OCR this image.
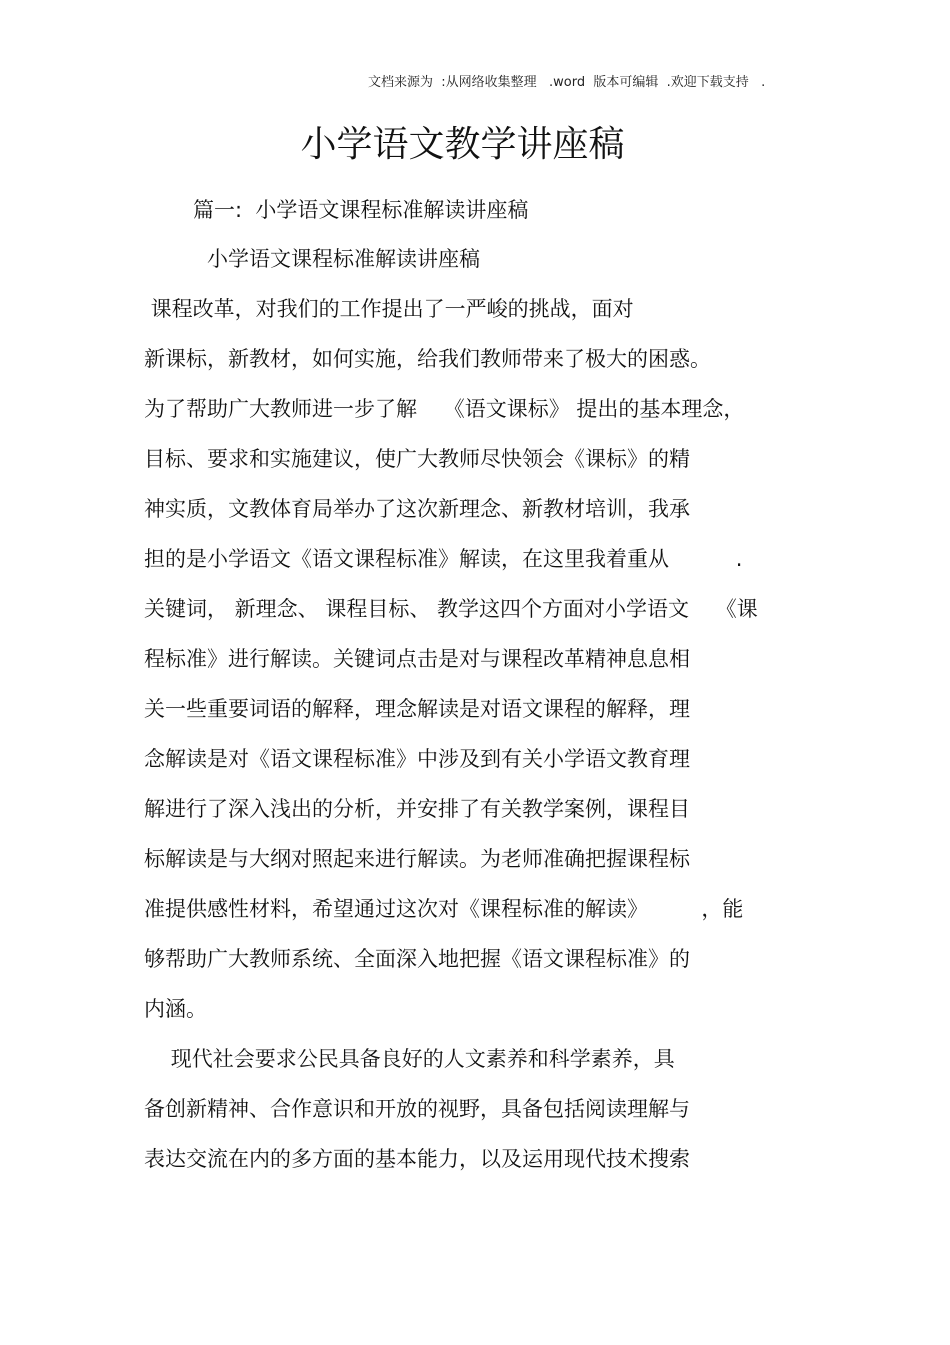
文档来源为  :从网络收集整理   .word  版本可编辑  .欢迎下载支持   .
小学语文教学讲座稿
篇一:  小学语文课程标准解读讲座稿
小学语文课程标准解读讲座稿
课程改革，对我们的工作提出了一严峻的挑战，面对
新课标，新教材，如何实施，给我们教师带来了极大的困惑。
为了帮助广大教师进一步了解    《语文课标》 提出的基本理念，
目标、要求和实施建议，使广大教师尽快领会《课标》的精
神实质，文教体育局举办了这次新理念、新教材培训，我承
担的是小学语文《语文课程标准》解读，在这里我着重从          .
关键词， 新理念、 课程目标、 教学这四个方面对小学语文    《课
程标准》进行解读。关键词点击是对与课程改革精神息息相
关一些重要词语的解释，理念解读是对语文课程的解释，理
念解读是对《语文课程标准》中涉及到有关小学语文教育理
解进行了深入浅出的分析，并安排了有关教学案例，课程目
标解读是与大纲对照起来进行解读。为老师准确把握课程标
准提供感性材料，希望通过这次对《课程标准的解读》        ，能
够帮助广大教师系统、全面深入地把握《语文课程标准》的
内涵。
现代社会要求公民具备良好的人文素养和科学素养，具
备创新精神、合作意识和开放的视野，具备包括阅读理解与
表达交流在内的多方面的基本能力，以及运用现代技术搜索
